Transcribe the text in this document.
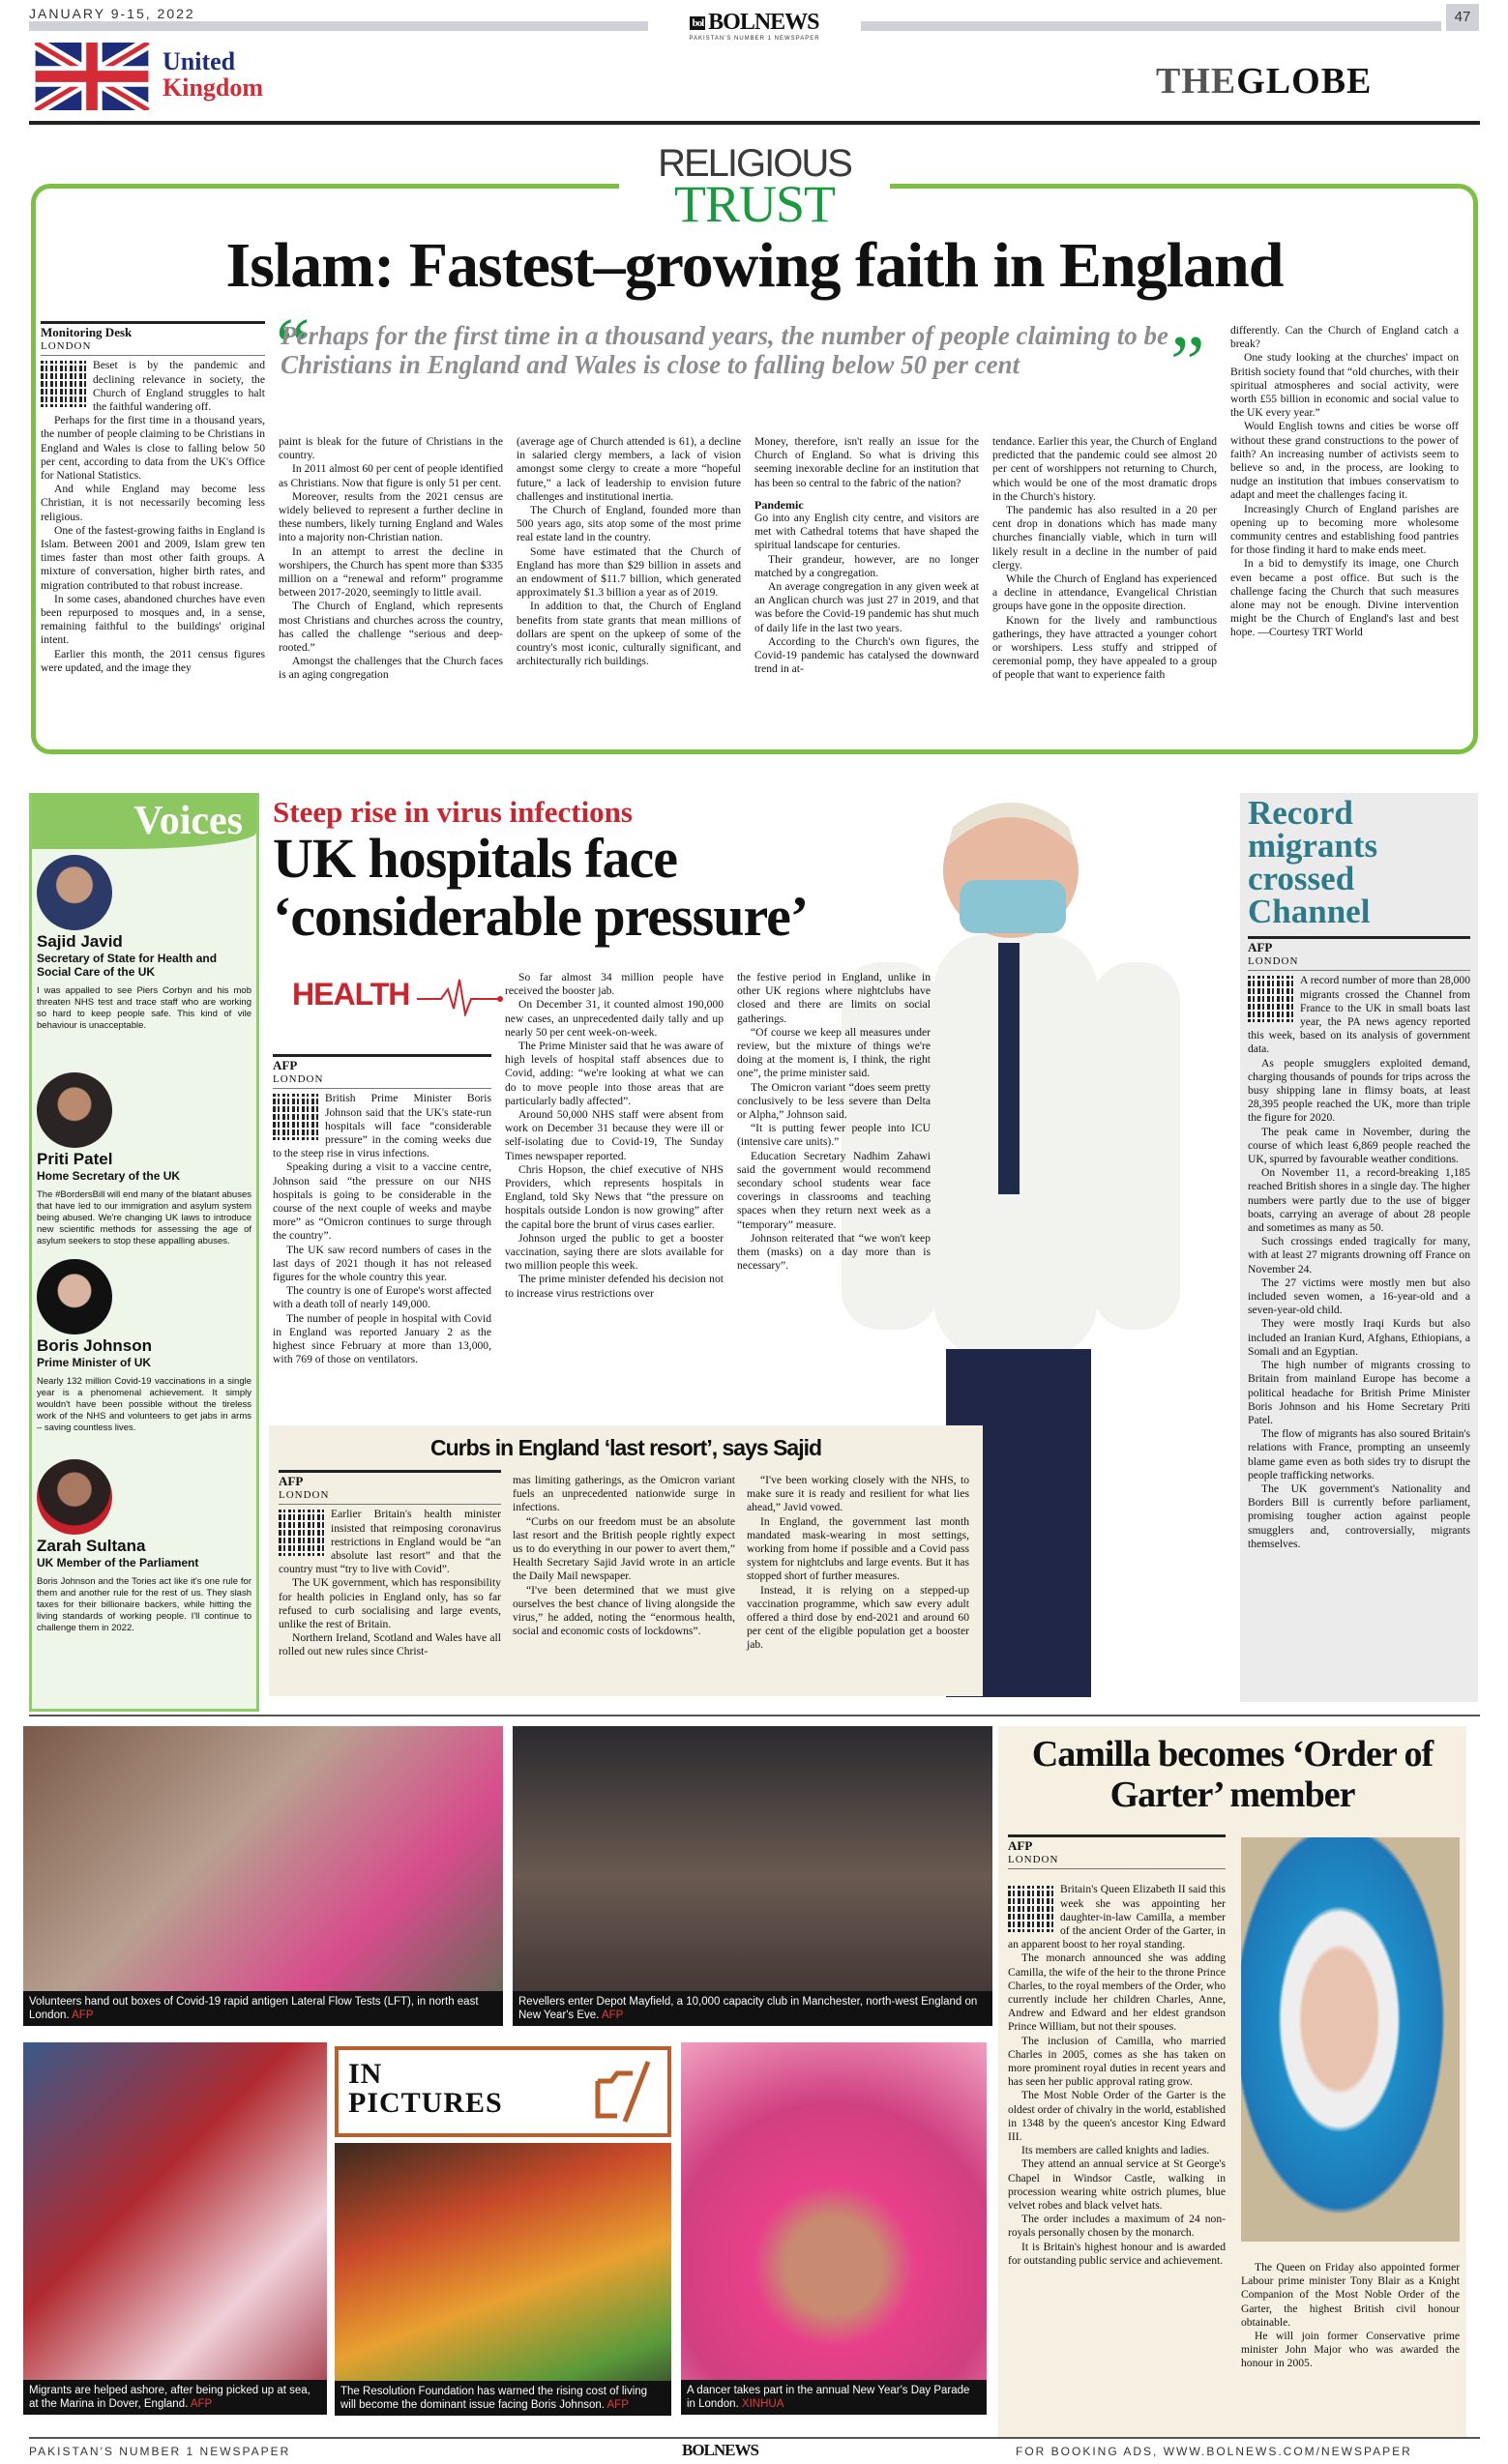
JANUARY 9-15, 2022	47
bol BOLNEWS
PAKISTAN'S NUMBER 1 NEWSPAPER
United
Kingdom	THEGLOBE
RELIGIOUS
TRUST
Islam: Fastest–growing faith in England
“
Perhaps for the first time in a thousand years, the number of people claiming to be Christians in England and Wales is close to falling below 50 per cent	”
Monitoring Desk
LONDON

Beset is by the pandemic and declining relevance in society, the Church of England struggles to halt the faithful wandering off.

Perhaps for the first time in a thousand years, the number of people claiming to be Christians in England and Wales is close to falling below 50 per cent, according to data from the UK's Office for National Statistics.

And while England may become less Christian, it is not necessarily becoming less religious.

One of the fastest-growing faiths in England is Islam. Between 2001 and 2009, Islam grew ten times faster than most other faith groups. A mixture of conversation, higher birth rates, and migration contributed to that robust increase.

In some cases, abandoned churches have even been repurposed to mosques and, in a sense, remaining faithful to the buildings' original intent.

Earlier this month, the 2011 census figures were updated, and the image they

paint is bleak for the future of Christians in the country.

In 2011 almost 60 per cent of people identified as Christians. Now that figure is only 51 per cent.

Moreover, results from the 2021 census are widely believed to represent a further decline in these numbers, likely turning England and Wales into a majority non-Christian nation.

In an attempt to arrest the decline in worshipers, the Church has spent more than $335 million on a “renewal and reform” programme between 2017-2020, seemingly to little avail.

The Church of England, which represents most Christians and churches across the country, has called the challenge “serious and deep-rooted.”

Amongst the challenges that the Church faces is an aging congregation

(average age of Church attended is 61), a decline in salaried clergy members, a lack of vision amongst some clergy to create a more “hopeful future,” a lack of leadership to envision future challenges and institutional inertia.

The Church of England, founded more than 500 years ago, sits atop some of the most prime real estate land in the country.

Some have estimated that the Church of England has more than $29 billion in assets and an endowment of $11.7 billion, which generated approximately $1.3 billion a year as of 2019.

In addition to that, the Church of England benefits from state grants that mean millions of dollars are spent on the upkeep of some of the country's most iconic, culturally significant, and architecturally rich buildings.

Money, therefore, isn't really an issue for the Church of England. So what is driving this seeming inexorable decline for an institution that has been so central to the fabric of the nation?

Pandemic

Go into any English city centre, and visitors are met with Cathedral totems that have shaped the spiritual landscape for centuries.

Their grandeur, however, are no longer matched by a congregation.

An average congregation in any given week at an Anglican church was just 27 in 2019, and that was before the Covid-19 pandemic has shut much of daily life in the last two years.

According to the Church's own figures, the Covid-19 pandemic has catalysed the downward trend in at-

tendance. Earlier this year, the Church of England predicted that the pandemic could see almost 20 per cent of worshippers not returning to Church, which would be one of the most dramatic drops in the Church's history.

The pandemic has also resulted in a 20 per cent drop in donations which has made many churches financially viable, which in turn will likely result in a decline in the number of paid clergy.

While the Church of England has experienced a decline in attendance, Evangelical Christian groups have gone in the opposite direction.

Known for the lively and rambunctious gatherings, they have attracted a younger cohort or worshipers. Less stuffy and stripped of ceremonial pomp, they have appealed to a group of people that want to experience faith

differently. Can the Church of England catch a break?

One study looking at the churches' impact on British society found that “old churches, with their spiritual atmospheres and social activity, were worth £55 billion in economic and social value to the UK every year.”

Would English towns and cities be worse off without these grand constructions to the power of faith? An increasing number of activists seem to believe so and, in the process, are looking to nudge an institution that imbues conservatism to adapt and meet the challenges facing it.

Increasingly Church of England parishes are opening up to becoming more wholesome community centres and establishing food pantries for those finding it hard to make ends meet.

In a bid to demystify its image, one Church even became a post office. But such is the challenge facing the Church that such measures alone may not be enough. Divine intervention might be the Church of England's last and best hope. —Courtesy TRT World

Voices
Sajid Javid
Secretary of State for Health and Social Care of the UK
I was appalled to see Piers Corbyn and his mob threaten NHS test and trace staff who are working so hard to keep people safe. This kind of vile behaviour is unacceptable.
Priti Patel
Home Secretary of the UK
The #BordersBill will end many of the blatant abuses that have led to our immigration and asylum system being abused. We're changing UK laws to introduce new scientific methods for assessing the age of asylum seekers to stop these appalling abuses.
Boris Johnson
Prime Minister of UK
Nearly 132 million Covid-19 vaccinations in a single year is a phenomenal achievement. It simply wouldn't have been possible without the tireless work of the NHS and volunteers to get jabs in arms – saving countless lives.
Zarah Sultana
UK Member of the Parliament
Boris Johnson and the Tories act like it's one rule for them and another rule for the rest of us. They slash taxes for their billionaire backers, while hitting the living standards of working people. I'll continue to challenge them in 2022.
Steep rise in virus infections
UK hospitals face ‘considerable pressure’
HEALTH
AFP
LONDON

British Prime Minister Boris Johnson said that the UK's state-run hospitals will face “considerable pressure” in the coming weeks due to the steep rise in virus infections.

Speaking during a visit to a vaccine centre, Johnson said “the pressure on our NHS hospitals is going to be considerable in the course of the next couple of weeks and maybe more” as “Omicron continues to surge through the country”.

The UK saw record numbers of cases in the last days of 2021 though it has not released figures for the whole country this year.

The country is one of Europe's worst affected with a death toll of nearly 149,000.

The number of people in hospital with Covid in England was reported January 2 as the highest since February at more than 13,000, with 769 of those on ventilators.

So far almost 34 million people have received the booster jab.

On December 31, it counted almost 190,000 new cases, an unprecedented daily tally and up nearly 50 per cent week-on-week.

The Prime Minister said that he was aware of high levels of hospital staff absences due to Covid, adding: “we're looking at what we can do to move people into those areas that are particularly badly affected”.

Around 50,000 NHS staff were absent from work on December 31 because they were ill or self-isolating due to Covid-19, The Sunday Times newspaper reported.

Chris Hopson, the chief executive of NHS Providers, which represents hospitals in England, told Sky News that “the pressure on hospitals outside London is now growing” after the capital bore the brunt of virus cases earlier.

Johnson urged the public to get a booster vaccination, saying there are slots available for two million people this week.

The prime minister defended his decision not to increase virus restrictions over

the festive period in England, unlike in other UK regions where nightclubs have closed and there are limits on social gatherings.

“Of course we keep all measures under review, but the mixture of things we're doing at the moment is, I think, the right one”, the prime minister said.

The Omicron variant “does seem pretty conclusively to be less severe than Delta or Alpha,” Johnson said.

“It is putting fewer people into ICU (intensive care units).”

Education Secretary Nadhim Zahawi said the government would recommend secondary school students wear face coverings in classrooms and teaching spaces when they return next week as a “temporary” measure.

Johnson reiterated that “we won't keep them (masks) on a day more than is necessary”.

Curbs in England ‘last resort’, says Sajid
AFP
LONDON

Earlier Britain's health minister insisted that reimposing coronavirus restrictions in England would be “an absolute last resort” and that the country must “try to live with Covid”.

The UK government, which has responsibility for health policies in England only, has so far refused to curb socialising and large events, unlike the rest of Britain.

Northern Ireland, Scotland and Wales have all rolled out new rules since Christ-

mas limiting gatherings, as the Omicron variant fuels an unprecedented nationwide surge in infections.

“Curbs on our freedom must be an absolute last resort and the British people rightly expect us to do everything in our power to avert them,” Health Secretary Sajid Javid wrote in an article the Daily Mail newspaper.

“I've been determined that we must give ourselves the best chance of living alongside the virus,” he added, noting the “enormous health, social and economic costs of lockdowns”.

“I've been working closely with the NHS, to make sure it is ready and resilient for what lies ahead,” Javid vowed.

In England, the government last month mandated mask-wearing in most settings, working from home if possible and a Covid pass system for nightclubs and large events. But it has stopped short of further measures.

Instead, it is relying on a stepped-up vaccination programme, which saw every adult offered a third dose by end-2021 and around 60 per cent of the eligible population get a booster jab.

Record migrants crossed Channel
AFP
LONDON

A record number of more than 28,000 migrants crossed the Channel from France to the UK in small boats last year, the PA news agency reported this week, based on its analysis of government data.

As people smugglers exploited demand, charging thousands of pounds for trips across the busy shipping lane in flimsy boats, at least 28,395 people reached the UK, more than triple the figure for 2020.

The peak came in November, during the course of which least 6,869 people reached the UK, spurred by favourable weather conditions.

On November 11, a record-breaking 1,185 reached British shores in a single day. The higher numbers were partly due to the use of bigger boats, carrying an average of about 28 people and sometimes as many as 50.

Such crossings ended tragically for many, with at least 27 migrants drowning off France on November 24.

The 27 victims were mostly men but also included seven women, a 16-year-old and a seven-year-old child.

They were mostly Iraqi Kurds but also included an Iranian Kurd, Afghans, Ethiopians, a Somali and an Egyptian.

The high number of migrants crossing to Britain from mainland Europe has become a political headache for British Prime Minister Boris Johnson and his Home Secretary Priti Patel.

The flow of migrants has also soured Britain's relations with France, prompting an unseemly blame game even as both sides try to disrupt the people trafficking networks.

The UK government's Nationality and Borders Bill is currently before parliament, promising tougher action against people smugglers and, controversially, migrants themselves.

Volunteers hand out boxes of Covid-19 rapid antigen Lateral Flow Tests (LFT), in north east London. AFP
Revellers enter Depot Mayfield, a 10,000 capacity club in Manchester, north-west England on New Year's Eve. AFP
Migrants are helped ashore, after being picked up at sea, at the Marina in Dover, England. AFP
IN
PICTURES
The Resolution Foundation has warned the rising cost of living will become the dominant issue facing Boris Johnson. AFP
A dancer takes part in the annual New Year's Day Parade in London. XINHUA
Camilla becomes ‘Order of Garter’ member
AFP
LONDON

Britain's Queen Elizabeth II said this week she was appointing her daughter-in-law Camilla, a member of the ancient Order of the Garter, in an apparent boost to her royal standing.

The monarch announced she was adding Camilla, the wife of the heir to the throne Prince Charles, to the royal members of the Order, who currently include her children Charles, Anne, Andrew and Edward and her eldest grandson Prince William, but not their spouses.

The inclusion of Camilla, who married Charles in 2005, comes as she has taken on more prominent royal duties in recent years and has seen her public approval rating grow.

The Most Noble Order of the Garter is the oldest order of chivalry in the world, established in 1348 by the queen's ancestor King Edward III.

Its members are called knights and ladies.

They attend an annual service at St George's Chapel in Windsor Castle, walking in procession wearing white ostrich plumes, blue velvet robes and black velvet hats.

The order includes a maximum of 24 non-royals personally chosen by the monarch.

It is Britain's highest honour and is awarded for outstanding public service and achievement.

The Queen on Friday also appointed former Labour prime minister Tony Blair as a Knight Companion of the Most Noble Order of the Garter, the highest British civil honour obtainable.

He will join former Conservative prime minister John Major who was awarded the honour in 2005.

PAKISTAN'S NUMBER 1 NEWSPAPER	BOLNEWS	FOR BOOKING ADS, WWW.BOLNEWS.COM/NEWSPAPER
